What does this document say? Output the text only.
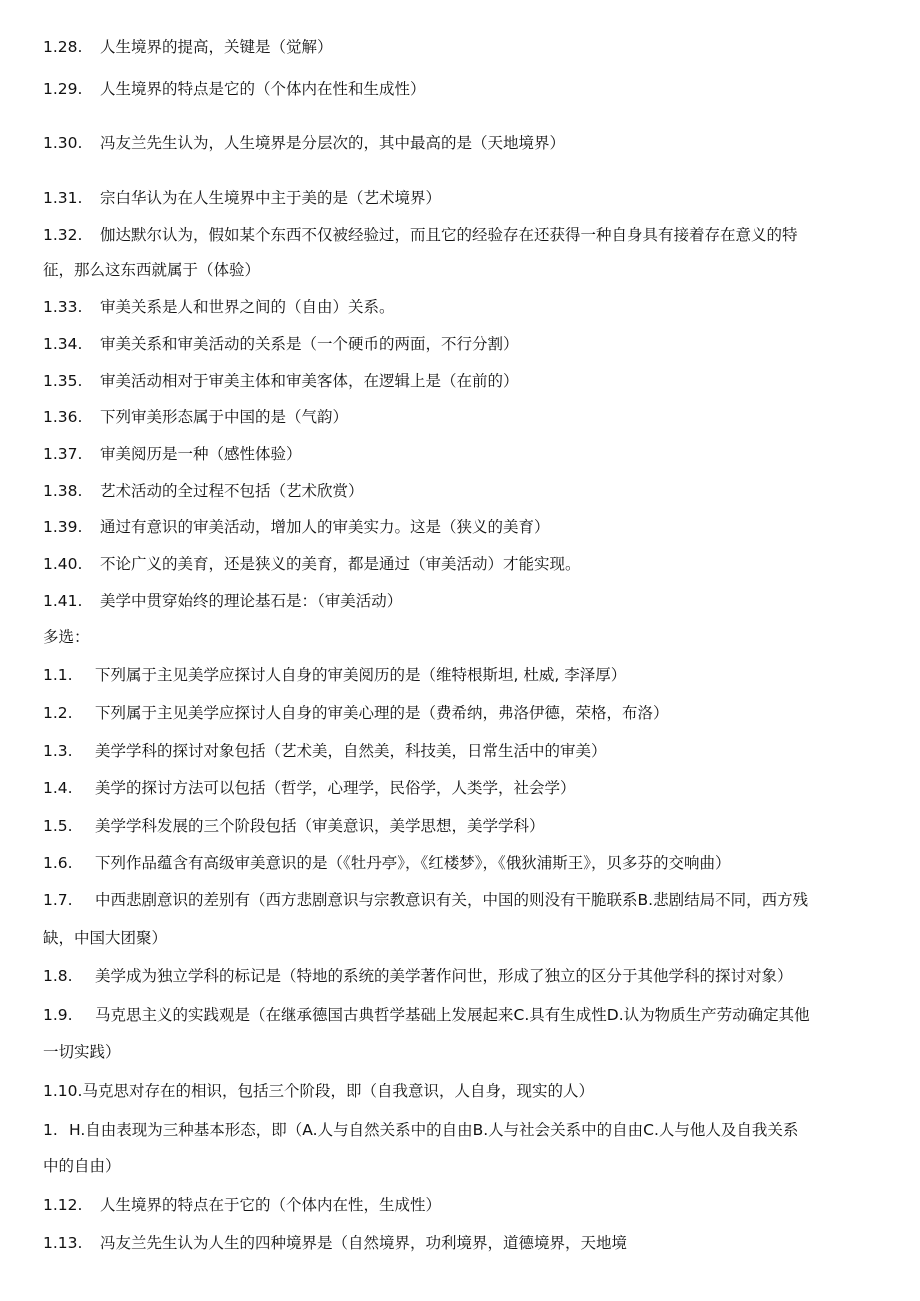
1.28. 人生境界的提高，关键是（觉解）
1.29. 人生境界的特点是它的（个体内在性和生成性）
1.30. 冯友兰先生认为，人生境界是分层次的，其中最高的是（天地境界）
1.31. 宗白华认为在人生境界中主于美的是（艺术境界）
1.32. 伽达默尔认为，假如某个东西不仅被经验过，而且它的经验存在还获得一种自身具有接着存在意义的特
征，那么这东西就属于（体验）
1.33. 审美关系是人和世界之间的（自由）关系。
1.34. 审美关系和审美活动的关系是（一个硬币的两面，不行分割）
1.35. 审美活动相对于审美主体和审美客体，在逻辑上是（在前的）
1.36. 下列审美形态属于中国的是（气韵）
1.37. 审美阅历是一种（感性体验）
1.38. 艺术活动的全过程不包括（艺术欣赏）
1.39. 通过有意识的审美活动，增加人的审美实力。这是（狭义的美育）
1.40. 不论广义的美育，还是狭义的美育，都是通过（审美活动）才能实现。
1.41. 美学中贯穿始终的理论基石是：（审美活动）
多选：
1.1. 下列属于主见美学应探讨人自身的审美阅历的是（维特根斯坦, 杜威, 李泽厚）
1.2. 下列属于主见美学应探讨人自身的审美心理的是（费希纳，弗洛伊德，荣格，布洛）
1.3. 美学学科的探讨对象包括（艺术美，自然美，科技美，日常生活中的审美）
1.4. 美学的探讨方法可以包括（哲学，心理学，民俗学，人类学，社会学）
1.5. 美学学科发展的三个阶段包括（审美意识，美学思想，美学学科）
1.6. 下列作品蕴含有高级审美意识的是（《牡丹亭》，《红楼梦》，《俄狄浦斯王》，贝多芬的交响曲）
1.7. 中西悲剧意识的差别有（西方悲剧意识与宗教意识有关，中国的则没有干脆联系B.悲剧结局不同，西方残
缺，中国大团聚）
1.8. 美学成为独立学科的标记是（特地的系统的美学著作问世，形成了独立的区分于其他学科的探讨对象）
1.9. 马克思主义的实践观是（在继承德国古典哲学基础上发展起来C.具有生成性D.认为物质生产劳动确定其他
一切实践）
1.10.马克思对存在的相识，包括三个阶段，即（自我意识，人自身，现实的人）
1. H.自由表现为三种基本形态，即（A.人与自然关系中的自由B.人与社会关系中的自由C.人与他人及自我关系
中的自由）
1.12. 人生境界的特点在于它的（个体内在性，生成性）
1.13. 冯友兰先生认为人生的四种境界是（自然境界，功利境界，道德境界，天地境
